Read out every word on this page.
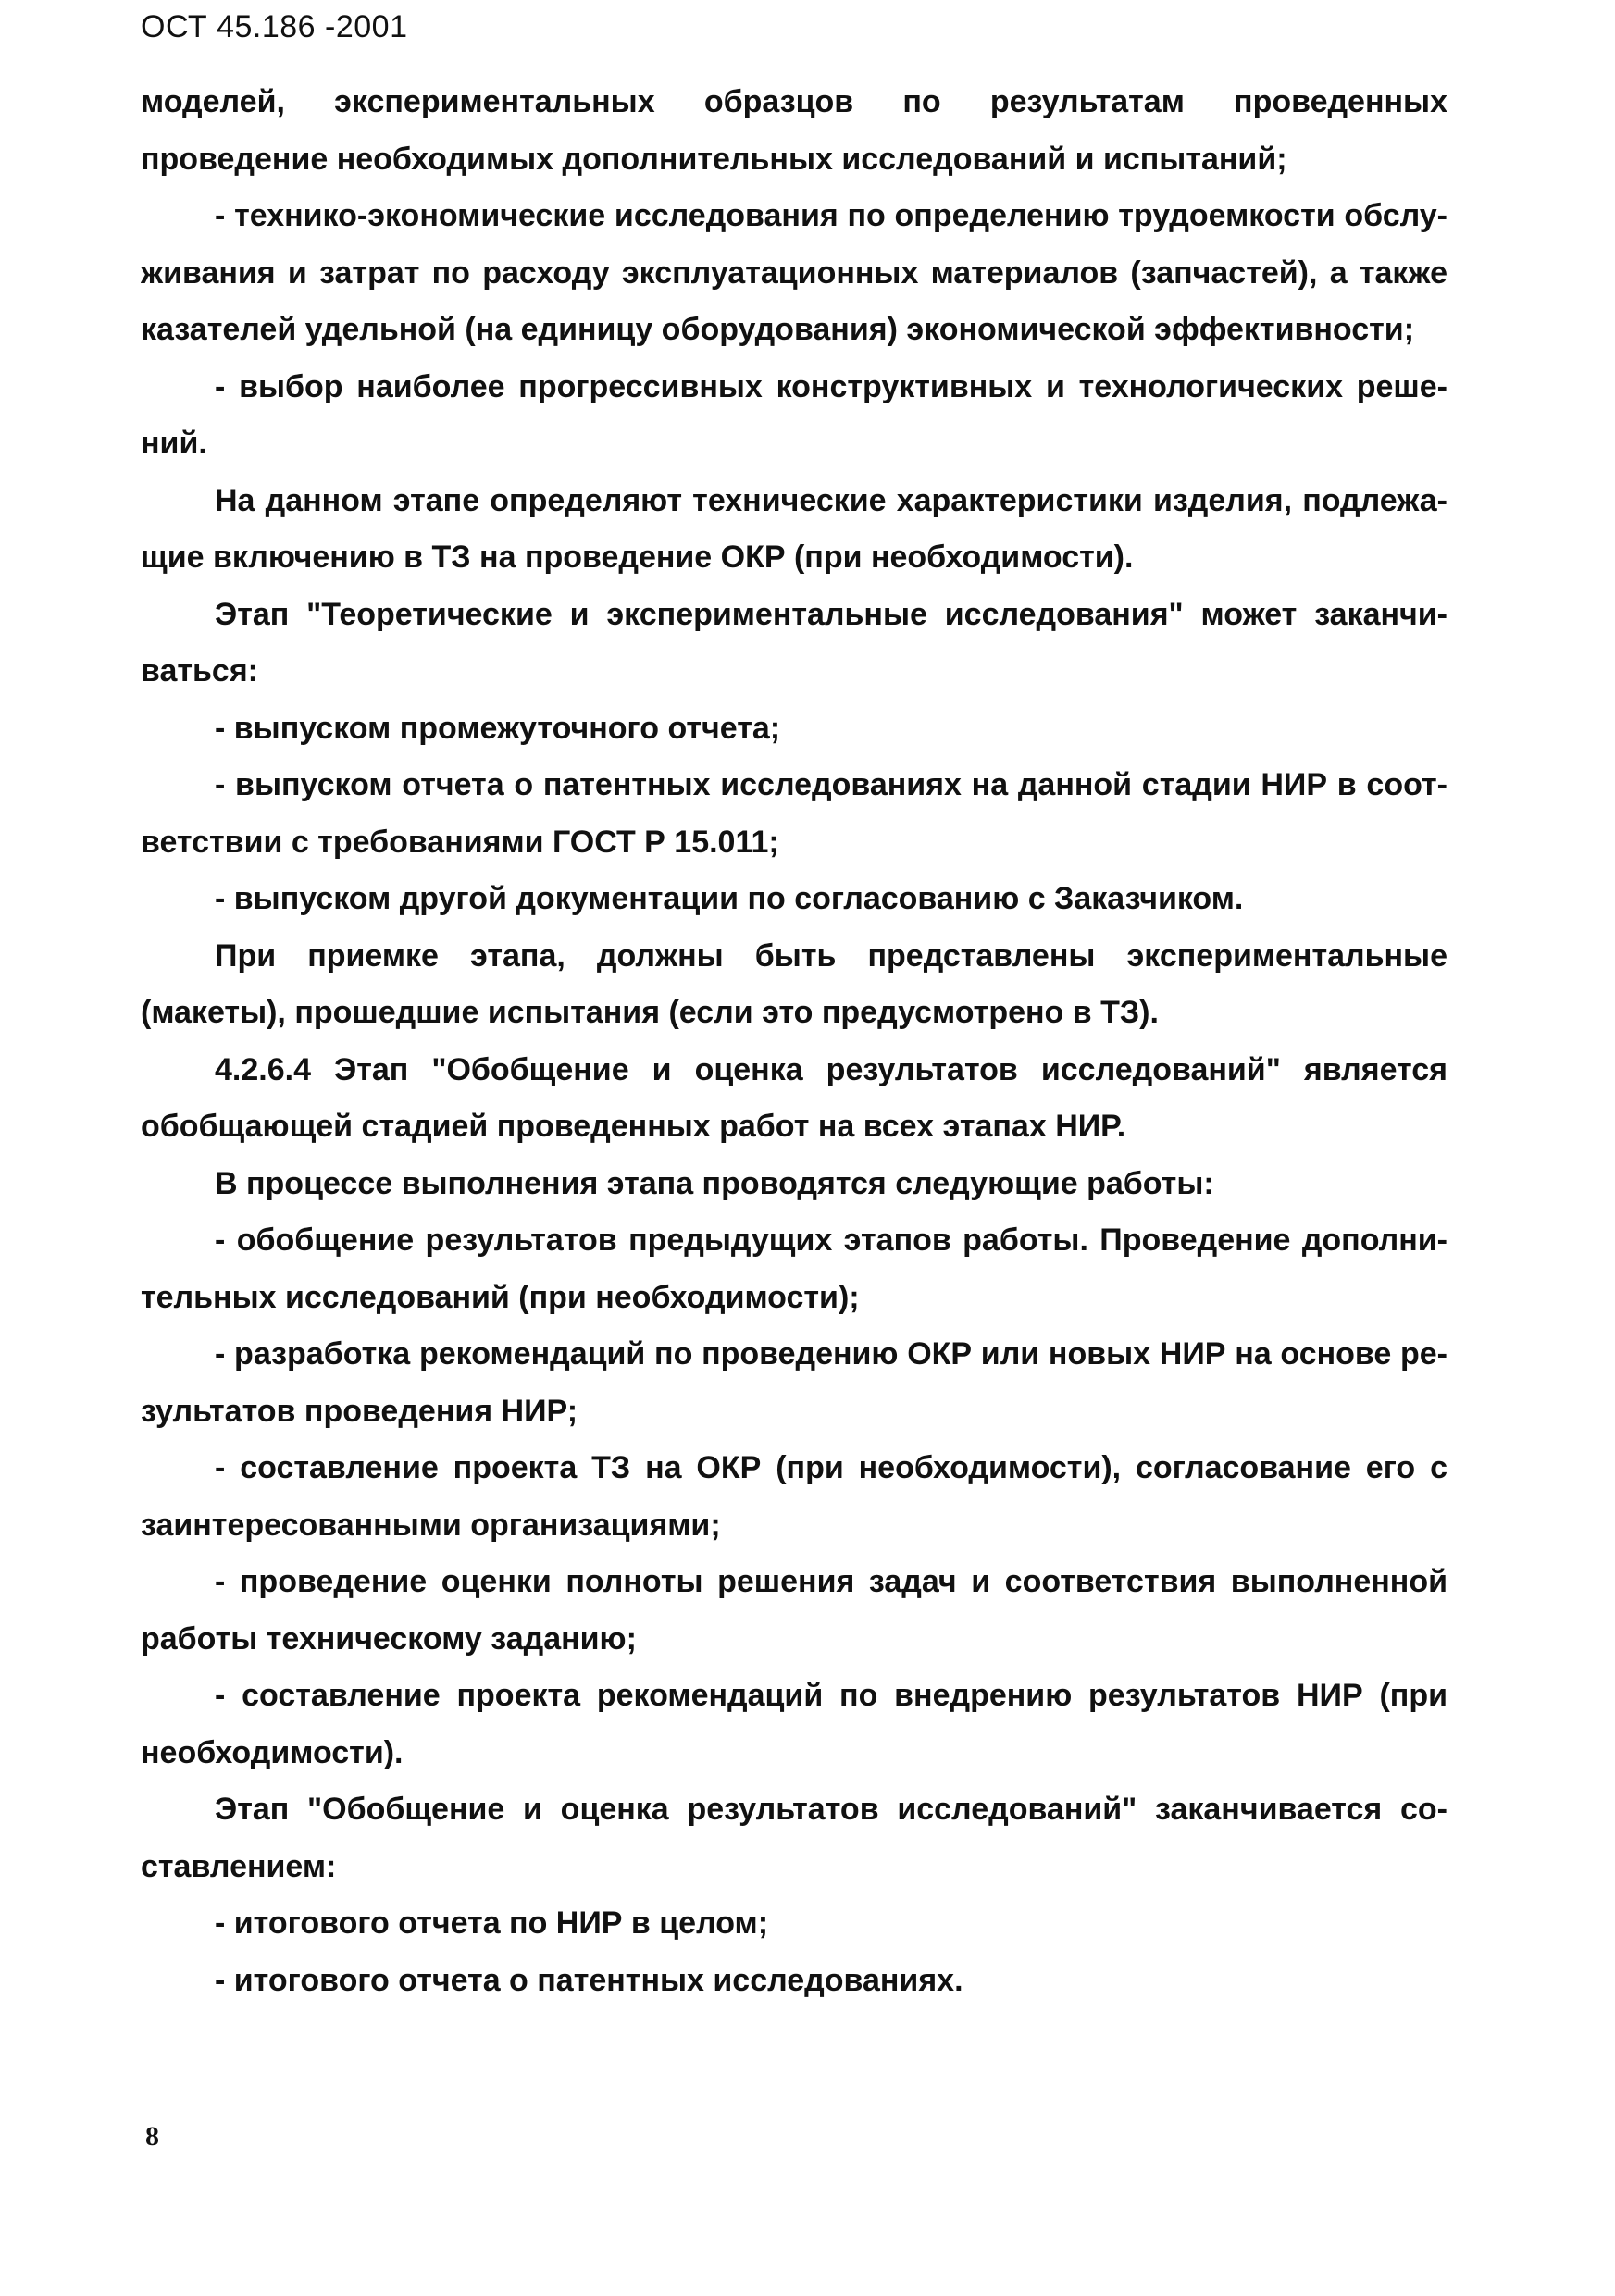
ОСТ 45.186 -2001
моделей, экспериментальных образцов по результатам проведенных
проведение необходимых дополнительных исследований и испытаний;
- технико-экономические исследования по определению трудоемкости обслу-
живания и затрат по расходу эксплуатационных материалов (запчастей), а также
казателей удельной (на единицу оборудования) экономической эффективности;
- выбор наиболее прогрессивных конструктивных и технологических реше-
ний.
На данном этапе определяют технические характеристики изделия, подлежа-
щие включению в ТЗ на проведение ОКР (при необходимости).
Этап "Теоретические и экспериментальные исследования" может заканчи-
ваться:
- выпуском промежуточного отчета;
- выпуском отчета о патентных исследованиях на данной стадии НИР в соот-
ветствии с требованиями ГОСТ Р 15.011;
- выпуском другой документации по согласованию с Заказчиком.
При приемке этапа, должны быть представлены экспериментальные
(макеты), прошедшие испытания (если это предусмотрено в ТЗ).
4.2.6.4 Этап "Обобщение и оценка результатов исследований" является
обобщающей стадией проведенных работ на всех этапах НИР.
В процессе выполнения этапа проводятся следующие работы:
- обобщение результатов предыдущих этапов работы. Проведение дополни-
тельных исследований (при необходимости);
- разработка рекомендаций по проведению ОКР или новых НИР на основе ре-
зультатов проведения НИР;
- составление проекта ТЗ на ОКР (при необходимости), согласование его с
заинтересованными организациями;
- проведение оценки полноты решения задач и соответствия выполненной
работы техническому заданию;
- составление проекта рекомендаций по внедрению результатов НИР (при
необходимости).
Этап "Обобщение и оценка результатов исследований" заканчивается со-
ставлением:
- итогового отчета по НИР в целом;
- итогового отчета о патентных исследованиях.
8
